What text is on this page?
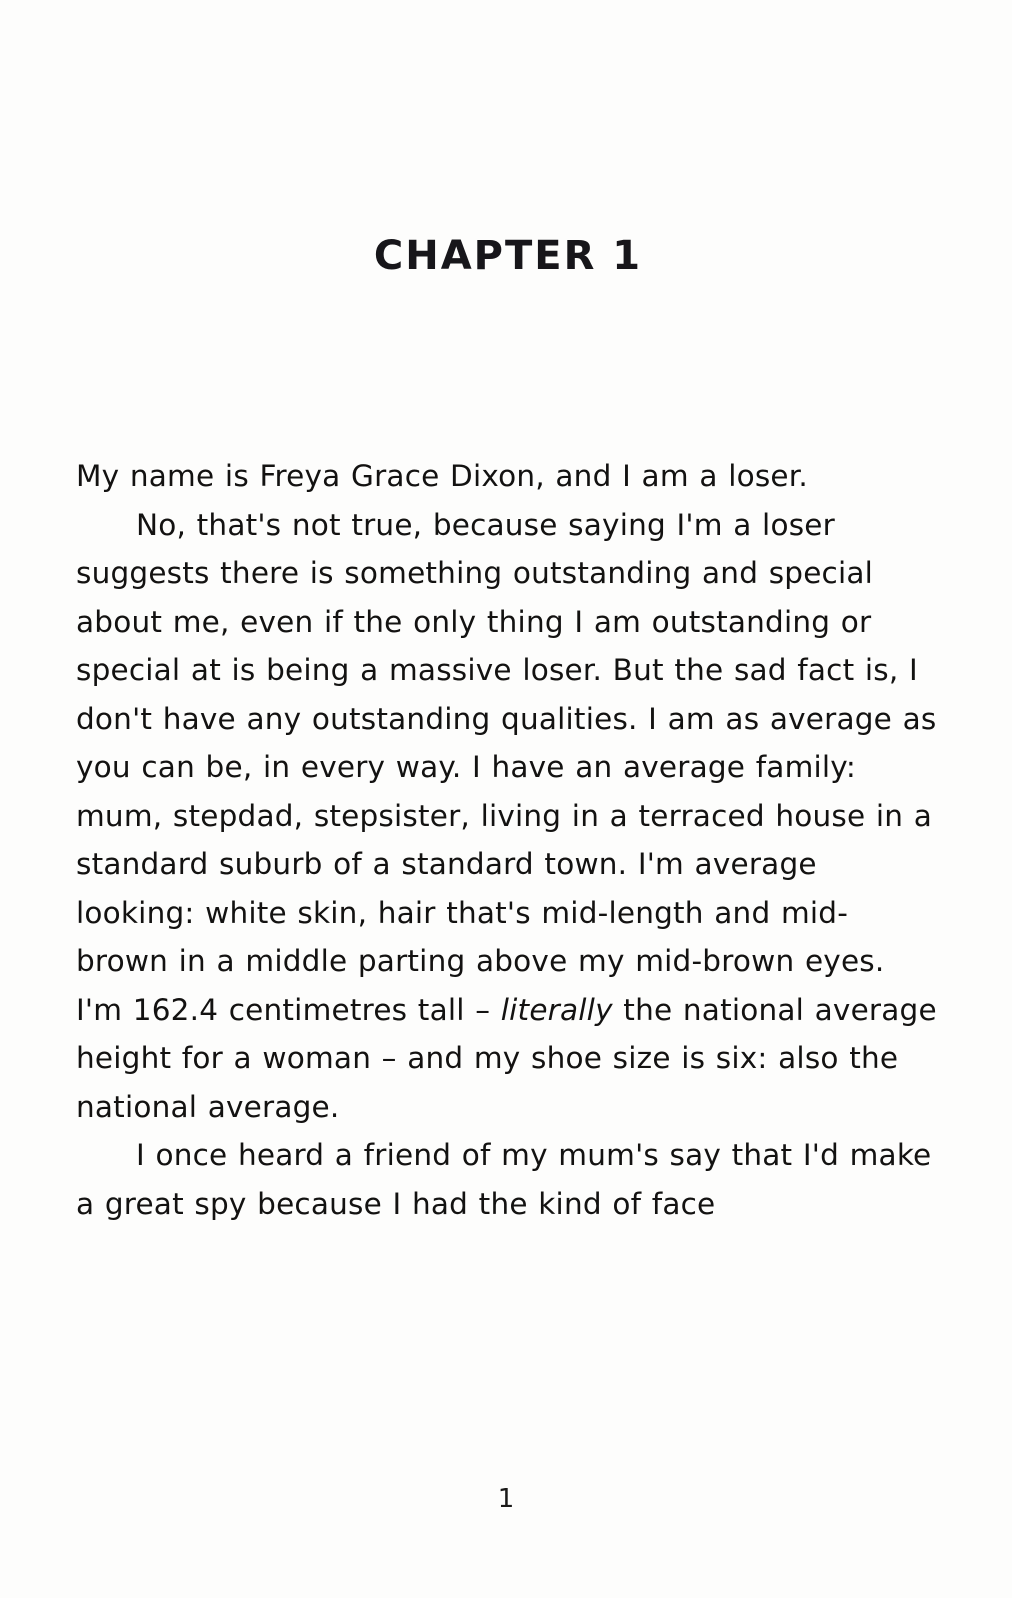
CHAPTER 1

My name is Freya Grace Dixon, and I am a loser.

No, that's not true, because saying I'm a loser suggests there is something outstanding and special about me, even if the only thing I am outstanding or special at is being a massive loser. But the sad fact is, I don't have any outstanding qualities. I am as average as you can be, in every way. I have an average family: mum, stepdad, stepsister, living in a terraced house in a standard suburb of a standard town. I'm average looking: white skin, hair that's mid-length and mid-brown in a middle parting above my mid-brown eyes. I'm 162.4 centimetres tall – literally the national average height for a woman – and my shoe size is six: also the national average.

I once heard a friend of my mum's say that I'd make a great spy because I had the kind of face

1
